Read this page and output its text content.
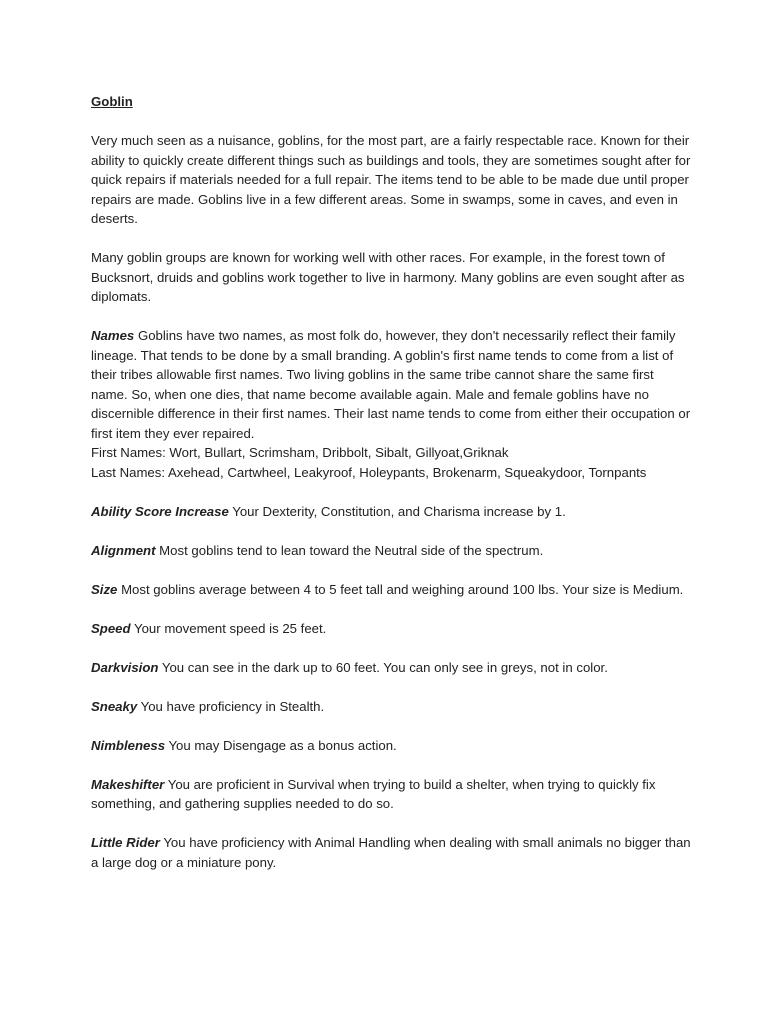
Goblin

Very much seen as a nuisance, goblins, for the most part, are a fairly respectable race. Known for their ability to quickly create different things such as buildings and tools, they are sometimes sought after for quick repairs if materials needed for a full repair. The items tend to be able to be made due until proper repairs are made. Goblins live in a few different areas. Some in swamps, some in caves, and even in deserts.

Many goblin groups are known for working well with other races. For example, in the forest town of Bucksnort, druids and goblins work together to live in harmony. Many goblins are even sought after as diplomats.

Names Goblins have two names, as most folk do, however, they don't necessarily reflect their family lineage. That tends to be done by a small branding. A goblin's first name tends to come from a list of their tribes allowable first names. Two living goblins in the same tribe cannot share the same first name. So, when one dies, that name become available again. Male and female goblins have no discernible difference in their first names. Their last name tends to come from either their occupation or first item they ever repaired.

First Names: Wort, Bullart, Scrimsham, Dribbolt, Sibalt, Gillyoat,Griknak

Last Names: Axehead, Cartwheel, Leakyroof, Holeypants, Brokenarm, Squeakydoor, Tornpants

Ability Score Increase Your Dexterity, Constitution, and Charisma increase by 1.

Alignment Most goblins tend to lean toward the Neutral side of the spectrum.

Size Most goblins average between 4 to 5 feet tall and weighing around 100 lbs. Your size is Medium.

Speed Your movement speed is 25 feet.

Darkvision You can see in the dark up to 60 feet. You can only see in greys, not in color.

Sneaky You have proficiency in Stealth.

Nimbleness You may Disengage as a bonus action.

Makeshifter You are proficient in Survival when trying to build a shelter, when trying to quickly fix something, and gathering supplies needed to do so.

Little Rider You have proficiency with Animal Handling when dealing with small animals no bigger than a large dog or a miniature pony.
